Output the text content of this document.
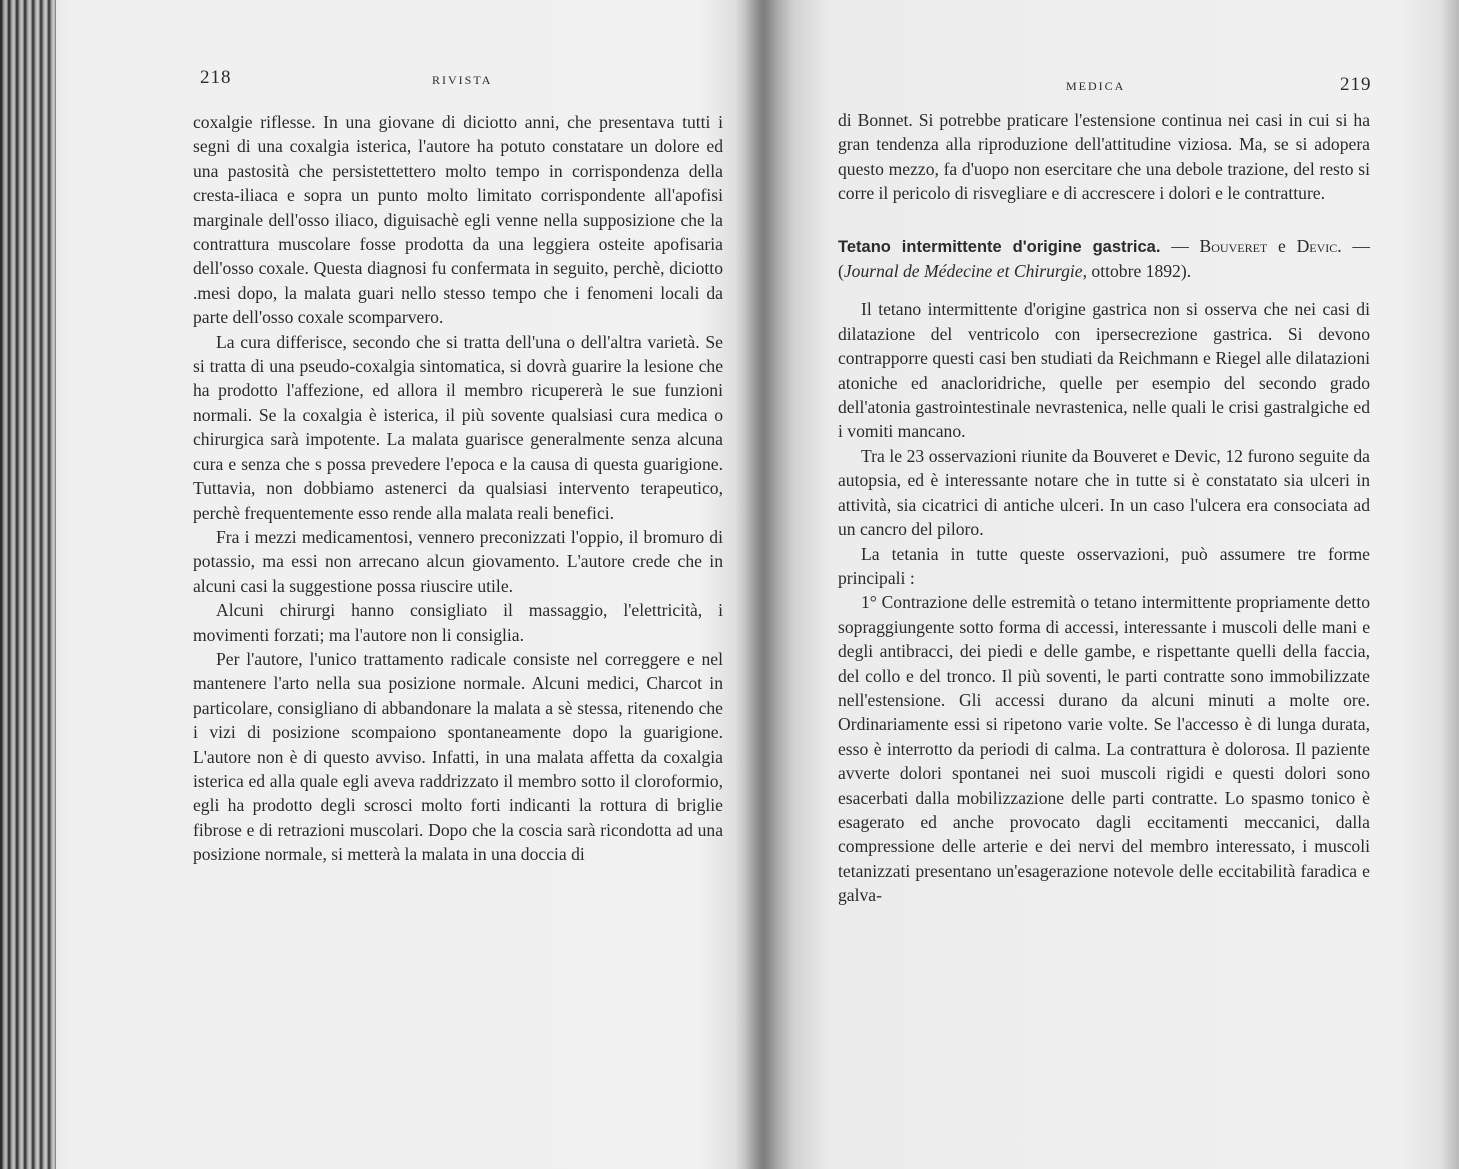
218	RIVISTA

coxalgie riflesse. In una giovane di diciotto anni, che presentava tutti i segni di una coxalgia isterica, l'autore ha potuto constatare un dolore ed una pastosità che persistettettero molto tempo in corrispondenza della cresta-iliaca e sopra un punto molto limitato corrispondente all'apofisi marginale dell'osso iliaco, diguisachè egli venne nella supposizione che la contrattura muscolare fosse prodotta da una leggiera osteite apofisaria dell'osso coxale. Questa diagnosi fu confermata in seguito, perchè, diciotto .mesi dopo, la malata guari nello stesso tempo che i fenomeni locali da parte dell'osso coxale scomparvero.

La cura differisce, secondo che si tratta dell'una o dell'altra varietà. Se si tratta di una pseudo-coxalgia sintomatica, si dovrà guarire la lesione che ha prodotto l'affezione, ed allora il membro ricupererà le sue funzioni normali. Se la coxalgia è isterica, il più sovente qualsiasi cura medica o chirurgica sarà impotente. La malata guarisce generalmente senza alcuna cura e senza che s possa prevedere l'epoca e la causa di questa guarigione. Tuttavia, non dobbiamo astenerci da qualsiasi intervento terapeutico, perchè frequentemente esso rende alla malata reali benefici.

Fra i mezzi medicamentosi, vennero preconizzati l'oppio, il bromuro di potassio, ma essi non arrecano alcun giovamento. L'autore crede che in alcuni casi la suggestione possa riuscire utile.

Alcuni chirurgi hanno consigliato il massaggio, l'elettricità, i movimenti forzati; ma l'autore non li consiglia.

Per l'autore, l'unico trattamento radicale consiste nel correggere e nel mantenere l'arto nella sua posizione normale. Alcuni medici, Charcot in particolare, consigliano di abbandonare la malata a sè stessa, ritenendo che i vizi di posizione scompaiono spontaneamente dopo la guarigione. L'autore non è di questo avviso. Infatti, in una malata affetta da coxalgia isterica ed alla quale egli aveva raddrizzato il membro sotto il cloroformio, egli ha prodotto degli scrosci molto forti indicanti la rottura di briglie fibrose e di retrazioni muscolari. Dopo che la coscia sarà ricondotta ad una posizione normale, si metterà la malata in una doccia di

MEDICA	219

di Bonnet. Si potrebbe praticare l'estensione continua nei casi in cui si ha gran tendenza alla riproduzione dell'attitudine viziosa. Ma, se si adopera questo mezzo, fa d'uopo non esercitare che una debole trazione, del resto si corre il pericolo di risvegliare e di accrescere i dolori e le contratture.

Tetano intermittente d'origine gastrica. — Bouveret e Devic. — (Journal de Médecine et Chirurgie, ottobre 1892).

Il tetano intermittente d'origine gastrica non si osserva che nei casi di dilatazione del ventricolo con ipersecrezione gastrica. Si devono contrapporre questi casi ben studiati da Reichmann e Riegel alle dilatazioni atoniche ed anacloridriche, quelle per esempio del secondo grado dell'atonia gastrointestinale nevrastenica, nelle quali le crisi gastralgiche ed i vomiti mancano.

Tra le 23 osservazioni riunite da Bouveret e Devic, 12 furono seguite da autopsia, ed è interessante notare che in tutte si è constatato sia ulceri in attività, sia cicatrici di antiche ulceri. In un caso l'ulcera era consociata ad un cancro del piloro.

La tetania in tutte queste osservazioni, può assumere tre forme principali :

1° Contrazione delle estremità o tetano intermittente propriamente detto sopraggiungente sotto forma di accessi, interessante i muscoli delle mani e degli antibracci, dei piedi e delle gambe, e rispettante quelli della faccia, del collo e del tronco. Il più soventi, le parti contratte sono immobilizzate nell'estensione. Gli accessi durano da alcuni minuti a molte ore. Ordinariamente essi si ripetono varie volte. Se l'accesso è di lunga durata, esso è interrotto da periodi di calma. La contrattura è dolorosa. Il paziente avverte dolori spontanei nei suoi muscoli rigidi e questi dolori sono esacerbati dalla mobilizzazione delle parti contratte. Lo spasmo tonico è esagerato ed anche provocato dagli eccitamenti meccanici, dalla compressione delle arterie e dei nervi del membro interessato, i muscoli tetanizzati presentano un'esagerazione notevole delle eccitabilità faradica e galva-
